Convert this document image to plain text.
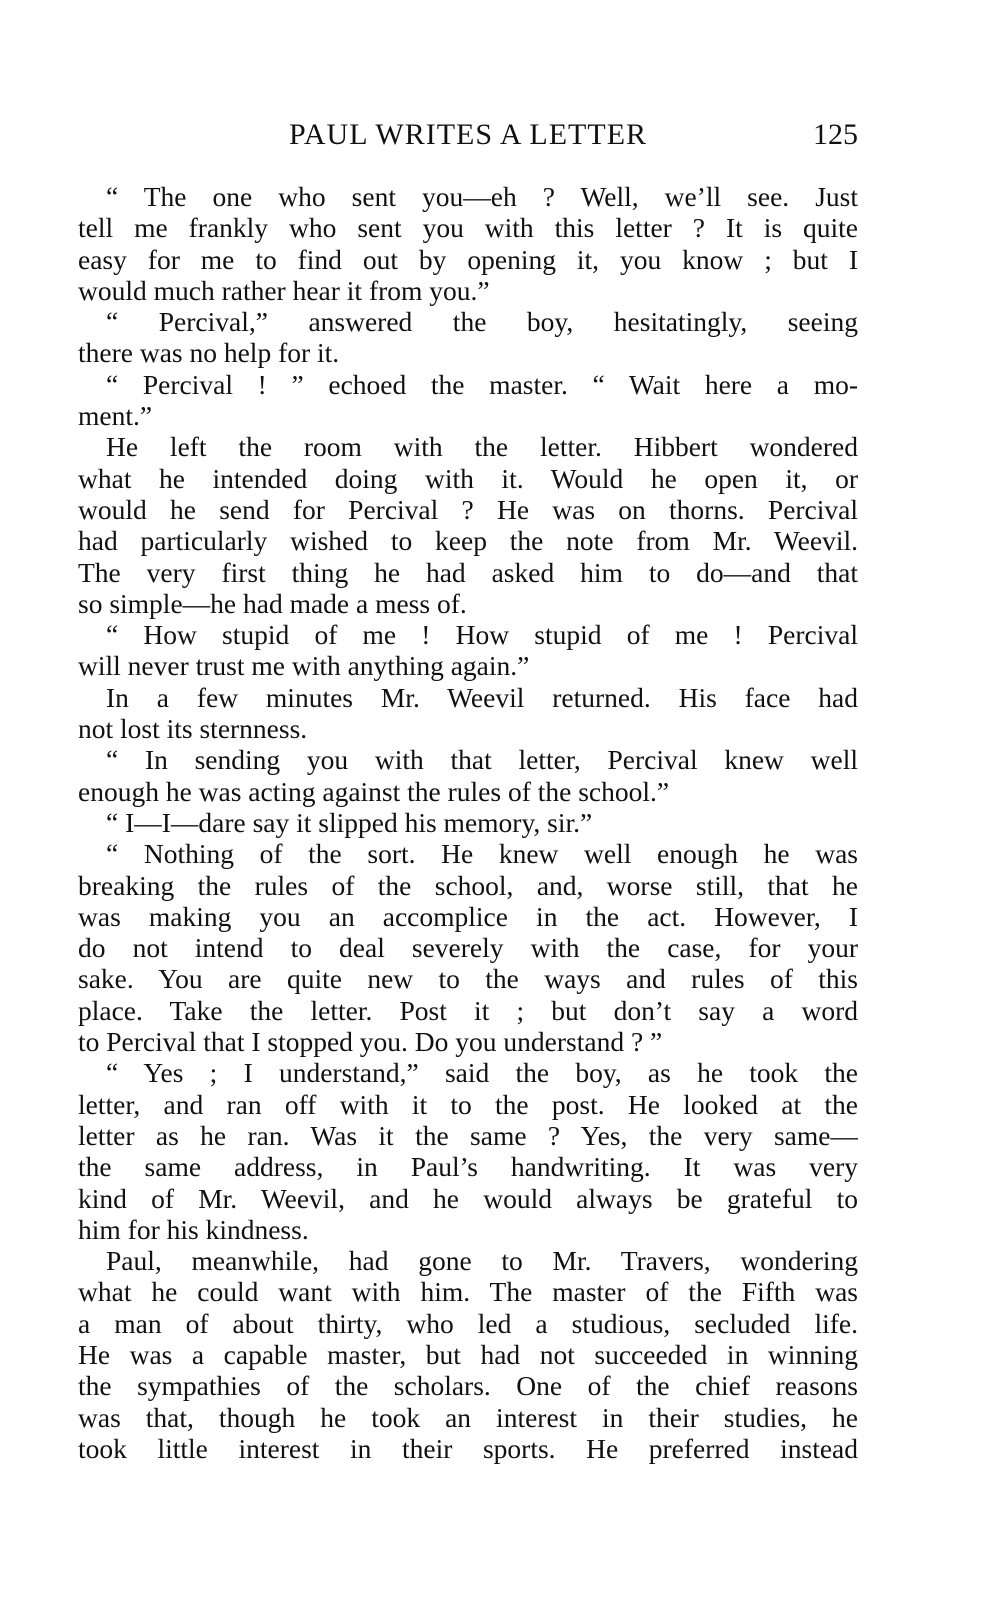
PAUL WRITES A LETTER	125
“ The one who sent you—eh ? Well, we’ll see. Just
tell me frankly who sent you with this letter ? It is quite
easy for me to find out by opening it, you know ; but I
would much rather hear it from you.”
“ Percival,” answered the boy, hesitatingly, seeing
there was no help for it.
“ Percival ! ” echoed the master. “ Wait here a mo-
ment.”
He left the room with the letter. Hibbert wondered
what he intended doing with it. Would he open it, or
would he send for Percival ? He was on thorns. Percival
had particularly wished to keep the note from Mr. Weevil.
The very first thing he had asked him to do—and that
so simple—he had made a mess of.
“ How stupid of me ! How stupid of me ! Percival
will never trust me with anything again.”
In a few minutes Mr. Weevil returned. His face had
not lost its sternness.
“ In sending you with that letter, Percival knew well
enough he was acting against the rules of the school.”
“ I—I—dare say it slipped his memory, sir.”
“ Nothing of the sort. He knew well enough he was
breaking the rules of the school, and, worse still, that he
was making you an accomplice in the act. However, I
do not intend to deal severely with the case, for your
sake. You are quite new to the ways and rules of this
place. Take the letter. Post it ; but don’t say a word
to Percival that I stopped you. Do you understand ? ”
“ Yes ; I understand,” said the boy, as he took the
letter, and ran off with it to the post. He looked at the
letter as he ran. Was it the same ? Yes, the very same—
the same address, in Paul’s handwriting. It was very
kind of Mr. Weevil, and he would always be grateful to
him for his kindness.
Paul, meanwhile, had gone to Mr. Travers, wondering
what he could want with him. The master of the Fifth was
a man of about thirty, who led a studious, secluded life.
He was a capable master, but had not succeeded in winning
the sympathies of the scholars. One of the chief reasons
was that, though he took an interest in their studies, he
took little interest in their sports. He preferred instead
